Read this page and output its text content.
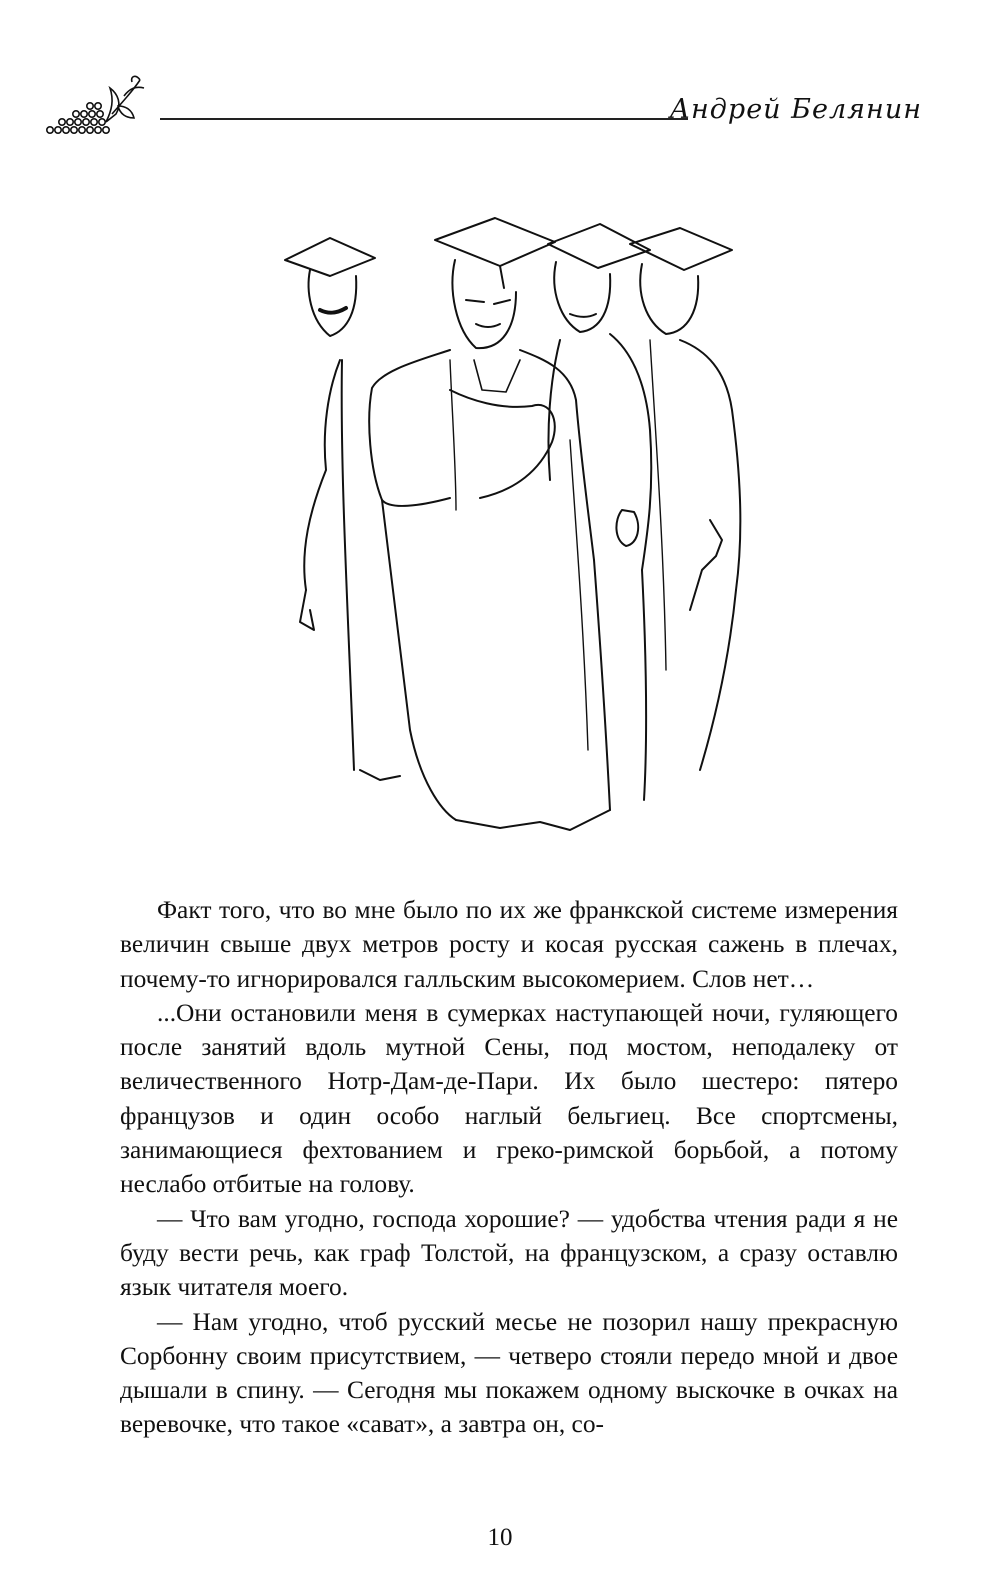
Андрей Белянин

Факт того, что во мне было по их же франкской системе измерения величин свыше двух метров росту и косая русская сажень в плечах, почему-то игнорировался галльским высокомерием. Слов нет…

...Они остановили меня в сумерках наступающей ночи, гуляющего после занятий вдоль мутной Сены, под мостом, неподалеку от величественного Нотр-Дам-де-Пари. Их было шестеро: пятеро французов и один особо наглый бельгиец. Все спортсмены, занимающиеся фехтованием и греко-римской борьбой, а потому неслабо отбитые на голову.

— Что вам угодно, господа хорошие? — удобства чтения ради я не буду вести речь, как граф Толстой, на французском, а сразу оставлю язык читателя моего.

— Нам угодно, чтоб русский месье не позорил нашу прекрасную Сорбонну своим присутствием, — четверо стояли передо мной и двое дышали в спину. — Сегодня мы покажем одному выскочке в очках на веревочке, что такое «сават», а завтра он, со-

10
